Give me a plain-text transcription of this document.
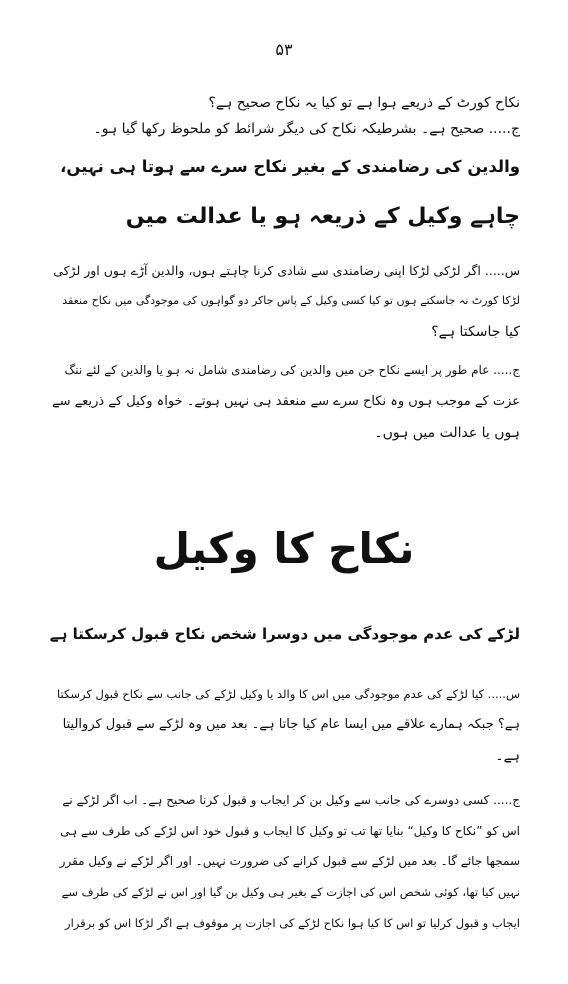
۵۳
نکاح کورٹ کے ذریعے ہوا ہے تو کیا یہ نکاح صحیح ہے؟
ج..... صحیح ہے۔ بشرطیکہ نکاح کی دیگر شرائط کو ملحوظ رکھا گیا ہو۔
والدین کی رضامندی کے بغیر نکاح سرے سے ہوتا ہی نہیں،
چاہے وکیل کے ذریعہ ہو یا عدالت میں
س..... اگر لڑکی لڑکا اپنی رضامندی سے شادی کرنا چاہتے ہوں، والدین آڑے ہوں اور لڑکی
لڑکا کورٹ نہ جاسکتے ہوں تو کیا کسی وکیل کے پاس جاکر دو گواہوں کی موجودگی میں نکاح منعقد
کیا جاسکتا ہے؟
ج..... عام طور پر ایسے نکاح جن میں والدین کی رضامندی شامل نہ ہو یا والدین کے لئے ننگ
عزت کے موجب ہوں وہ نکاح سرے سے منعقد ہی نہیں ہوتے۔ خواہ وکیل کے ذریعے سے
ہوں یا عدالت میں ہوں۔
نکاح کا وکیل
لڑکے کی عدم موجودگی میں دوسرا شخص نکاح قبول کرسکتا ہے
س..... کیا لڑکے کی عدم موجودگی میں اس کا والد یا وکیل لڑکے کی جانب سے نکاح قبول کرسکتا
ہے؟ جبکہ ہمارے علاقے میں ایسا عام کیا جاتا ہے۔ بعد میں وہ لڑکے سے قبول کروالیتا
ہے۔
ج..... کسی دوسرے کی جانب سے وکیل بن کر ایجاب و قبول کرنا صحیح ہے۔ اب اگر لڑکے نے
اس کو ”نکاح کا وکیل“ بنایا تھا تب تو وکیل کا ایجاب و قبول خود اس لڑکے کی طرف سے ہی
سمجھا جائے گا۔ بعد میں لڑکے سے قبول کرانے کی ضرورت نہیں۔ اور اگر لڑکے نے وکیل مقرر
نہیں کیا تھا، کوئی شخص اس کی اجازت کے بغیر ہی وکیل بن گیا اور اس نے لڑکے کی طرف سے
ایجاب و قبول کرلیا تو اس کا کیا ہوا نکاح لڑکے کی اجازت پر موقوف ہے اگر لڑکا اس کو برقرار
